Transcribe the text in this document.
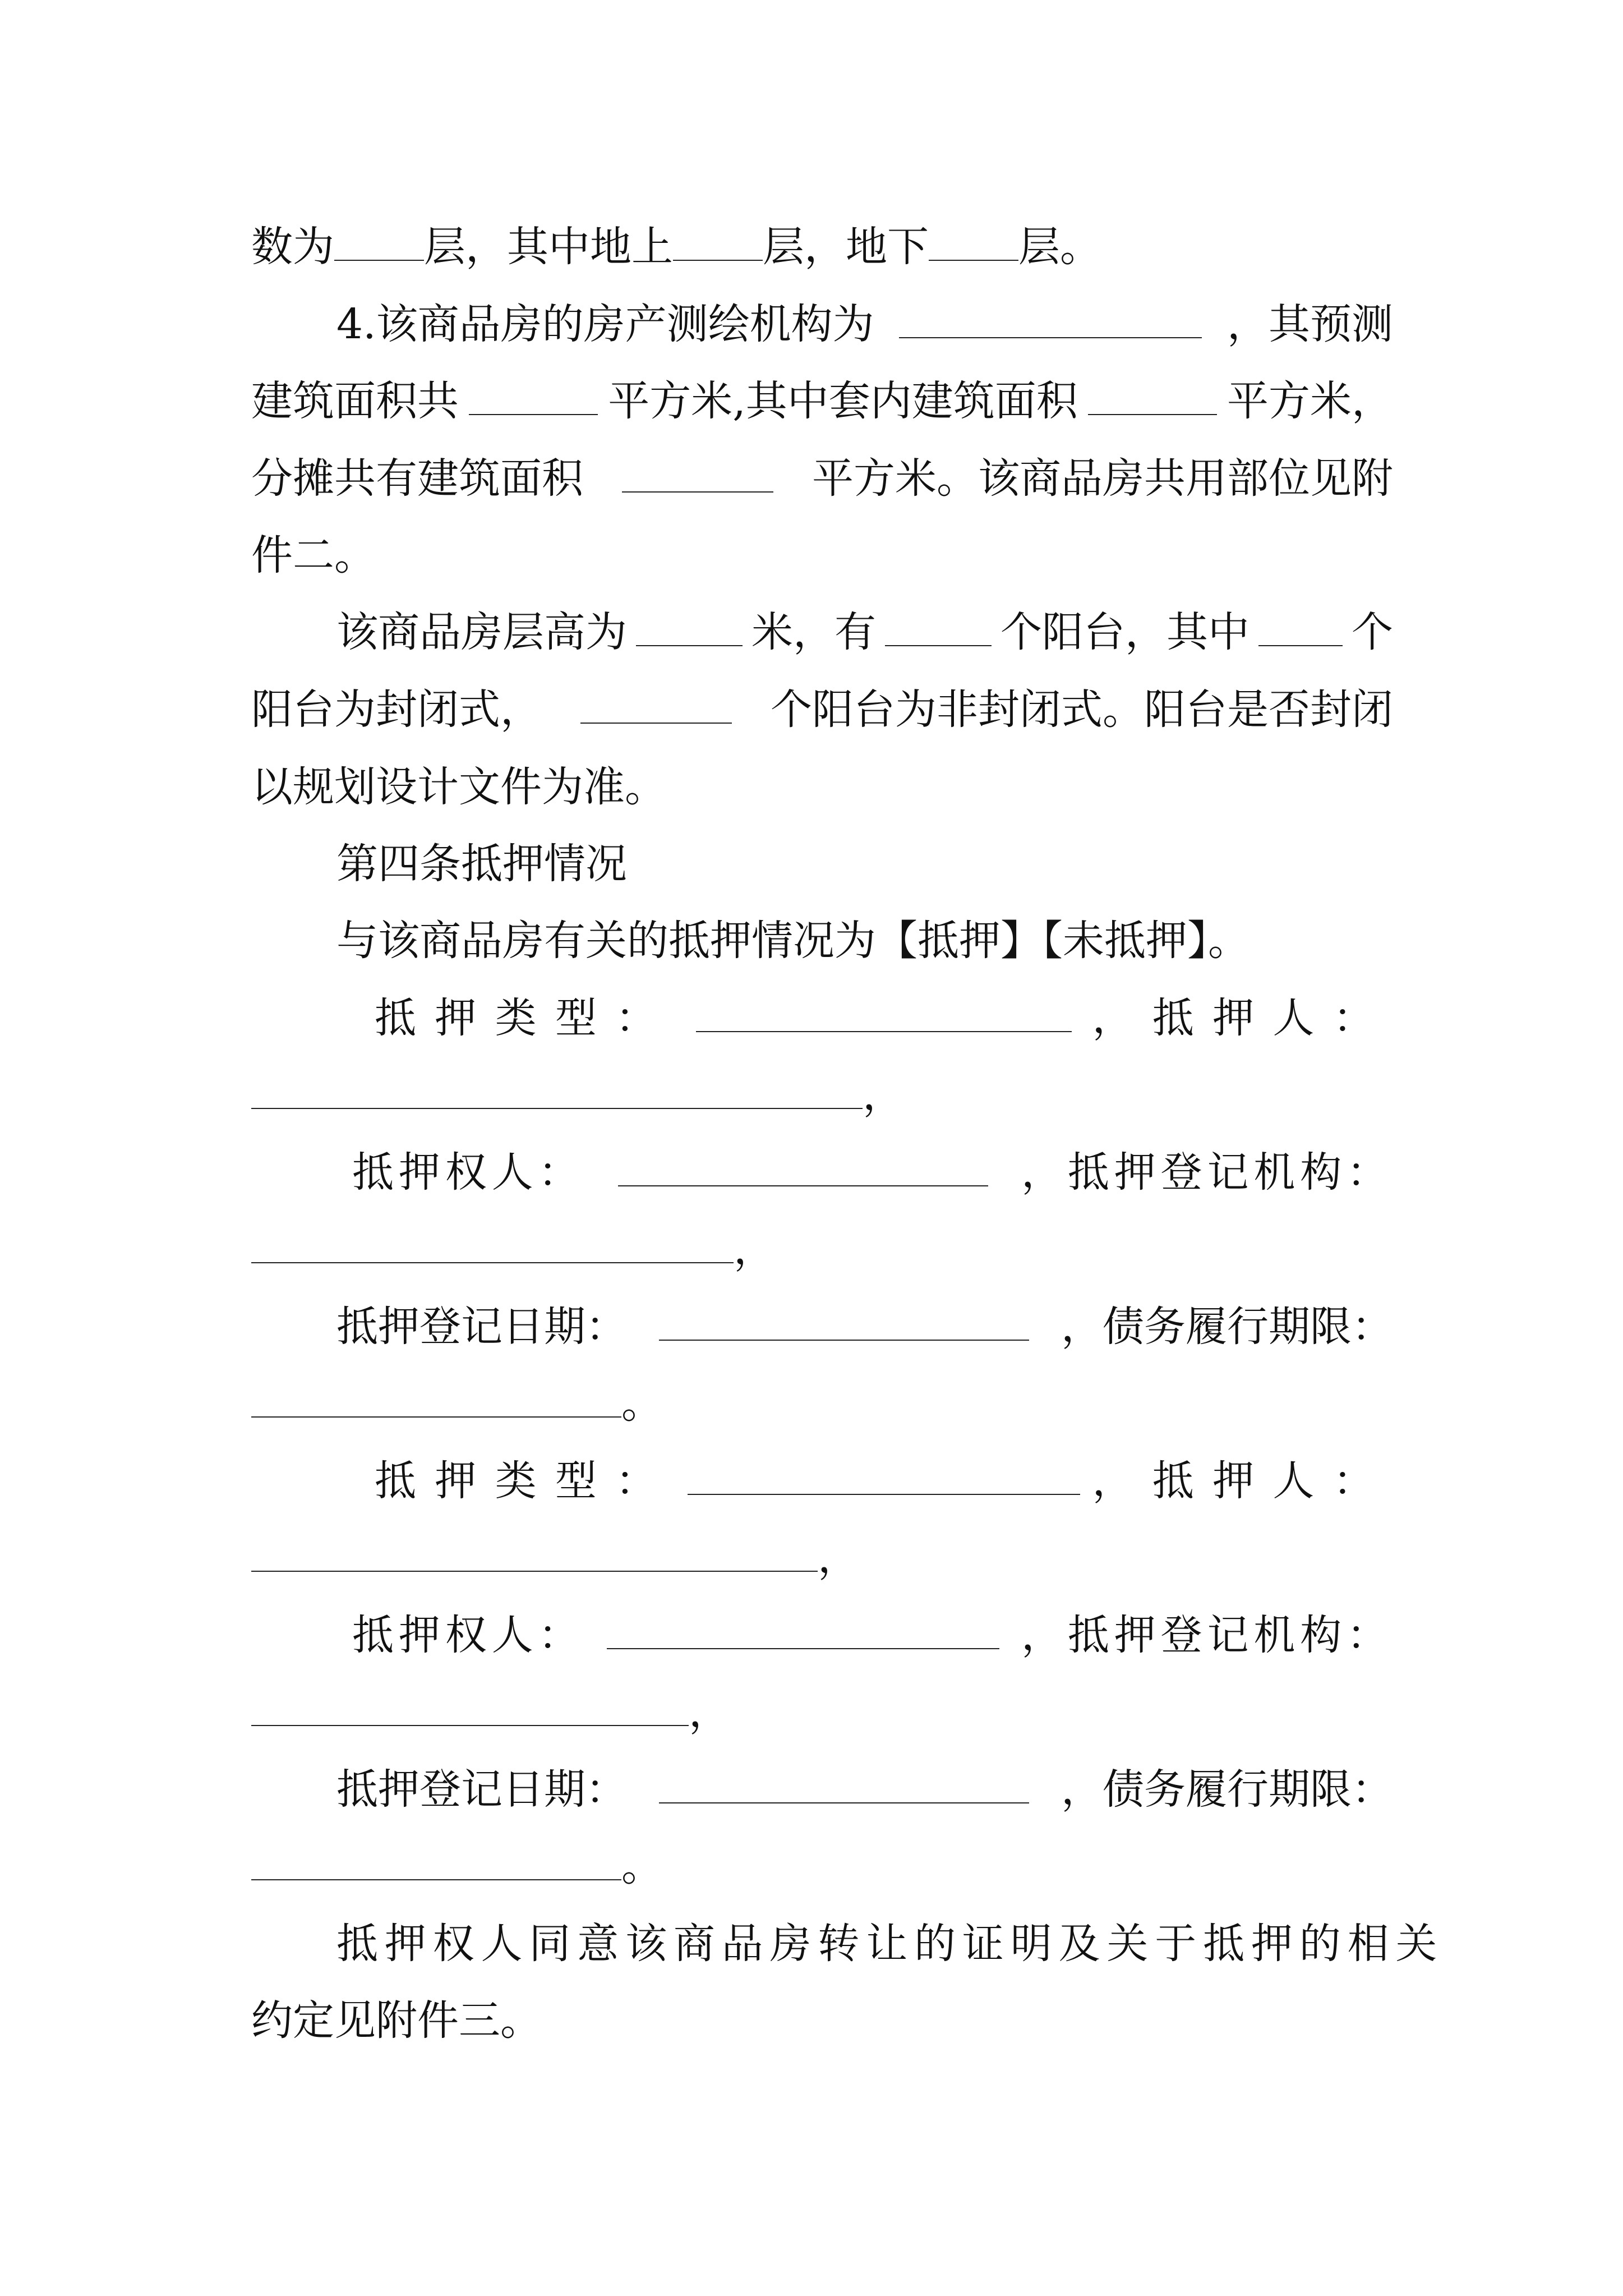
数为 层，其中地上 层，地下 层。
4.该商品房的房产测绘机构为	，其预测
建筑面积共	平方米,其中套内建筑面积	平方米，
分摊共有建筑面积	平方米。该商品房共用部位见附
件二。
该商品房层高为	米，有	个阳台，其中 个
阳台为封闭式，	个阳台为非封闭式。阳台是否封闭
以规划设计文件为准。
第四条抵押情况
与该商品房有关的抵押情况为【抵押】【未抵押】。
抵押类型：	，抵押人：
，
抵押权人：	，抵押登记机构：
，
抵押登记日期：	，债务履行期限：
。
抵押类型：	，抵押人：
，
抵押权人：	，抵押登记机构：
，
抵押登记日期：	，债务履行期限：
。
抵押权人同意该商品房转让的证明及关于抵押的相关
约定见附件三。
